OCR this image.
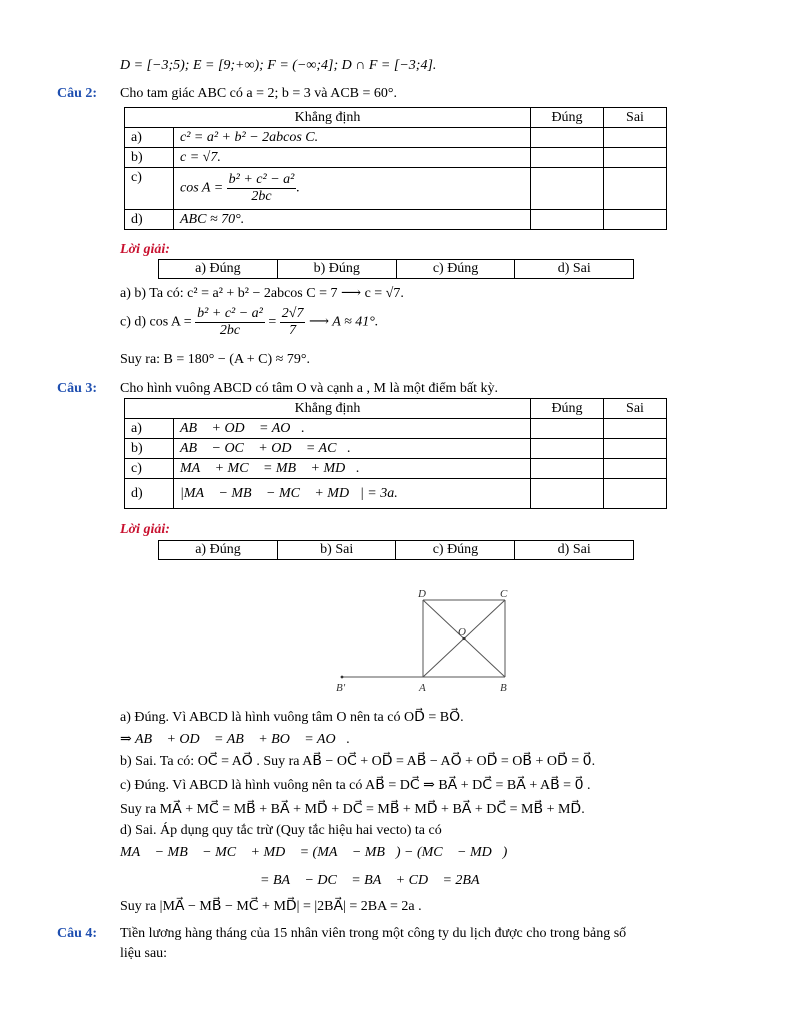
D = [−3;5); E = [9;+∞); F = (−∞;4]; D ∩ F = [−3;4].
Câu 2: Cho tam giác ABC có a = 2; b = 3 và ACB = 60°.
Khẳng định		Đúng	Sai
a)	c² = a² + b² − 2abcos C.		
b)	c = √7.		
c)	$\cos A = \frac{\text{b² + c² − a²}}{2bc}$ .		
d)	ABC ≈ 70°.		
Lời giải:
a) Đúng	b) Đúng	c) Đúng	d) Sai
a) b) Ta có: c² = a² + b² − 2abcos C = 7 ⟶ c = √7.
c) d) $\cos A = \frac{\text{b² + c² − a²}}{2bc} = \frac{2√7}{7}$ ⟶ A ≈ 41°.
Suy ra: B = 180° − (A + C) ≈ 79°.
Câu 3: Cho hình vuông ABCD có tâm O và cạnh a , M là một điểm bất kỳ.
Khẳng định		Đúng	Sai
a)	AB⃗ + OD⃗ = AO⃗.		
b)	AB⃗ − OC⃗ + OD⃗ = AC⃗.		
c)	MA⃗ + MC⃗ = MB⃗ + MD⃗.		
d)	|MA⃗ − MB⃗ − MC⃗ + MD⃗| = 3a.		
Lời giải:
a) Đúng	b) Sai	c) Đúng	d) Sai
D	C
O
A	B
B′
a) Đúng. Vì ABCD là hình vuông tâm O nên ta có OD⃗ = BO⃗.
⇒ AB⃗ + OD⃗ = AB⃗ + BO⃗ = AO⃗.
b) Sai. Ta có: OC⃗ = AO⃗ . Suy ra AB⃗ − OC⃗ + OD⃗ = AB⃗ − AO⃗ + OD⃗ = OB⃗ + OD⃗ = 0⃗.
c) Đúng. Vì ABCD là hình vuông nên ta có AB⃗ = DC⃗ ⇒ BA⃗ + DC⃗ = BA⃗ + AB⃗ = 0⃗ .
Suy ra MA⃗ + MC⃗ = MB⃗ + BA⃗ + MD⃗ + DC⃗ = MB⃗ + MD⃗ + BA⃗ + DC⃗ = MB⃗ + MD⃗.
d) Sai. Áp dụng quy tắc trừ (Quy tắc hiệu hai vecto) ta có
MA⃗ − MB⃗ − MC⃗ + MD⃗ = (MA⃗ − MB⃗) − (MC⃗ − MD⃗)
= BA⃗ − DC⃗ = BA⃗ + CD⃗ = 2BA⃗
Suy ra |MA⃗ − MB⃗ − MC⃗ + MD⃗| = |2BA⃗| = 2BA = 2a .
Câu 4: Tiền lương hàng tháng của 15 nhân viên trong một công ty du lịch được cho trong bảng số
liệu sau:
